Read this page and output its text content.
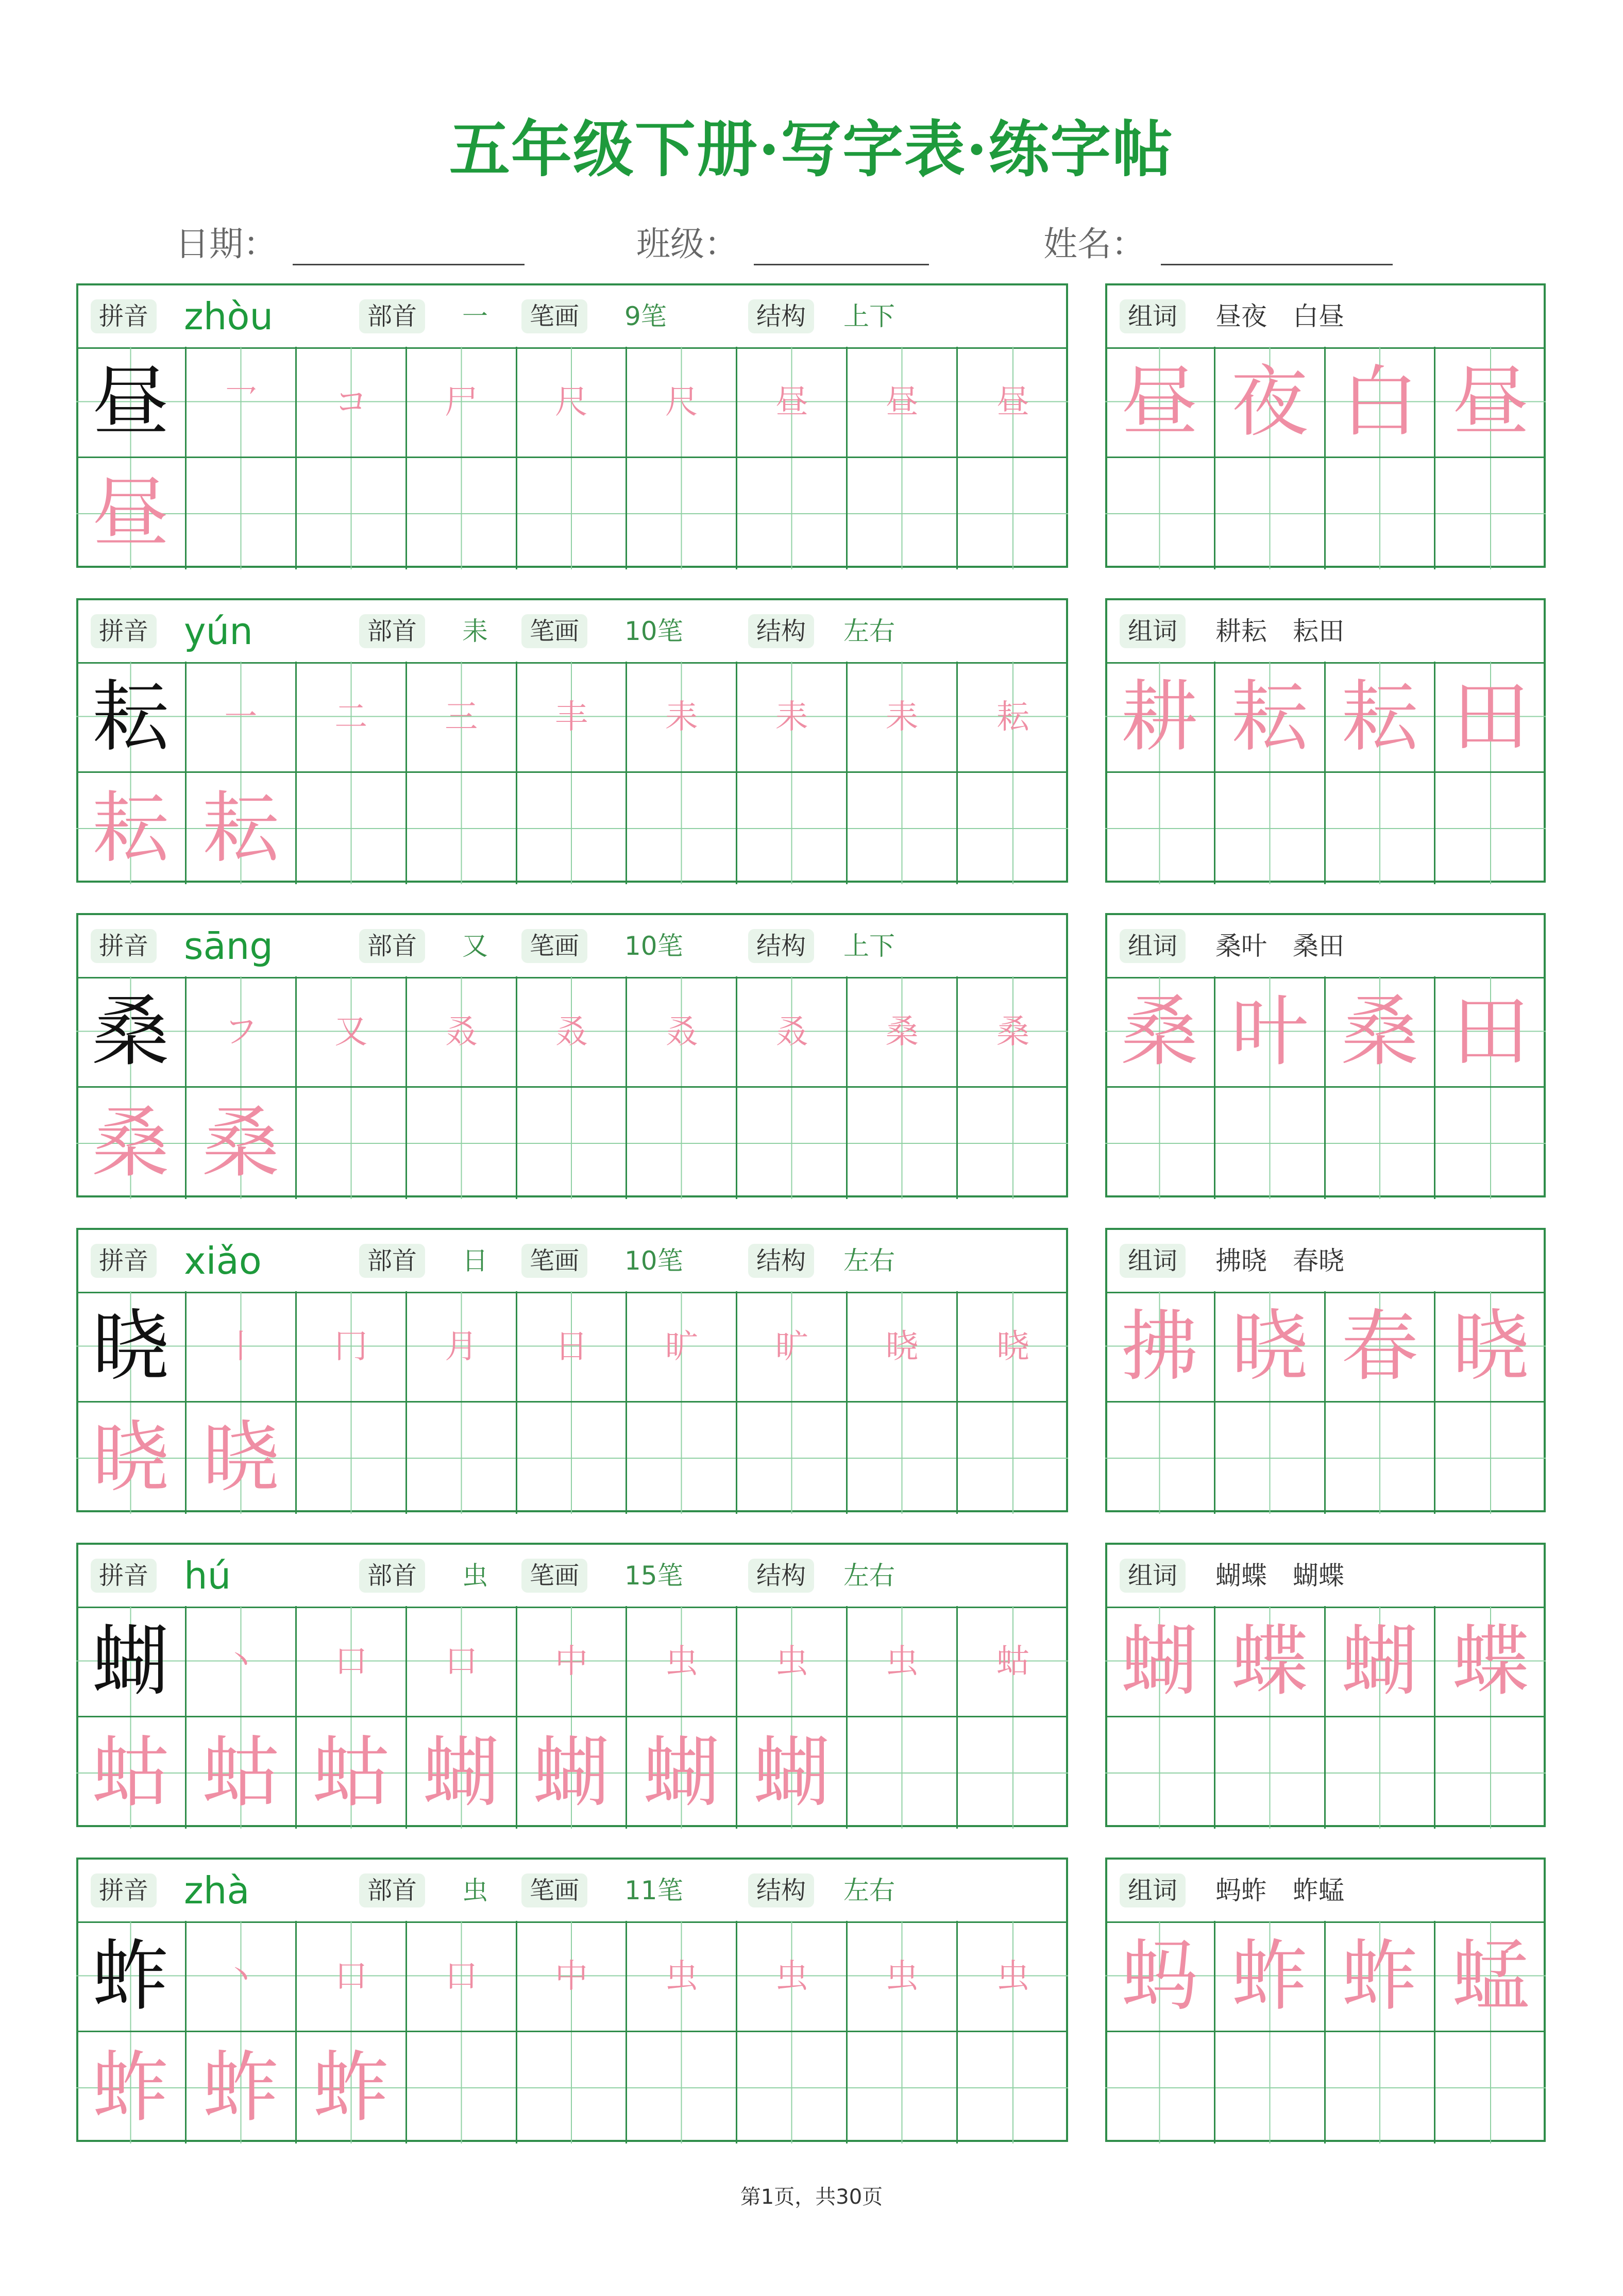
五年级下册·写字表·练字帖
日期：	班级：	姓名：
拼音 zhòu	部首	一	笔画	9笔	结构	上下
昼	乛	コ	尸	尺	尺	昼	昼	昼
昼
组词	昼夜　白昼
昼 夜 白 昼
拼音 yún	部首	耒	笔画	10笔	结构	左右
耘	一	二	三	丰	耒	耒	耒	耘
耘 耘
组词	耕耘　耘田
耕 耘 耘 田
拼音 sāng	部首	又	笔画	10笔	结构	上下
桑	フ	又	叒	叒	叒	叒	桑	桑
桑 桑
组词	桑叶　桑田
桑 叶 桑 田
拼音 xiǎo	部首	日	笔画	10笔	结构	左右
晓	丨	冂	月	日	旷	旷	晓	晓
晓 晓
组词	拂晓　春晓
拂 晓 春 晓
拼音 hú	部首	虫	笔画	15笔	结构	左右
蝴	丶	口	口	中	虫	虫	虫	蛄
蛄 蛄 蛄 蝴 蝴 蝴 蝴
组词	蝴蝶　蝴蝶
蝴 蝶 蝴 蝶
拼音 zhà	部首	虫	笔画	11笔	结构	左右
蚱	丶	口	口	中	虫	虫	虫	虫
蚱 蚱 蚱
组词	蚂蚱　蚱蜢
蚂 蚱 蚱 蜢
第1页，共30页
